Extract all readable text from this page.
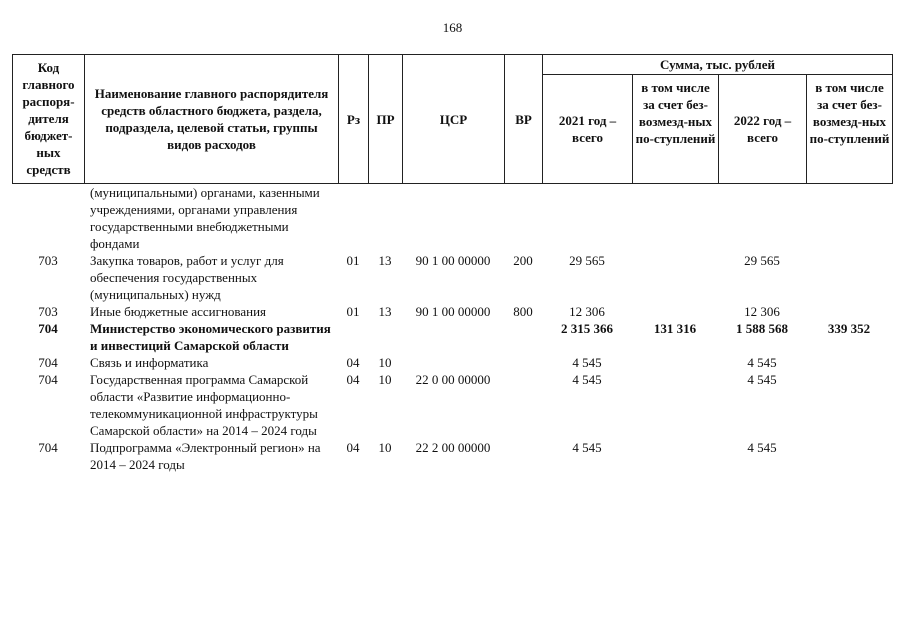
168
Код главного распоря-дителя бюджет-ных средств	Наименование главного распорядителя средств областного бюджета, раздела, подраздела, целевой статьи, группы видов расходов	Рз	ПР	ЦСР	ВР	Сумма, тыс. рублей			
						2021 год – всего	в том числе за счет без-возмезд-ных по-ступлений	2022 год – всего	в том числе за счет без-возмезд-ных по-ступлений
	(муниципальными) органами, казенными учреждениями, органами управления государственными внебюджетными фондами								
703	Закупка товаров, работ и услуг для обеспечения государственных (муниципальных) нужд	01	13	90 1 00 00000	200	29 565		29 565	
703	Иные бюджетные ассигнования	01	13	90 1 00 00000	800	12 306		12 306	
704	Министерство экономического развития и инвестиций Самарской области					2 315 366	131 316	1 588 568	339 352
704	Связь и информатика	04	10			4 545		4 545	
704	Государственная программа Самарской области «Развитие информационно-телекоммуникационной инфраструктуры Самарской области» на 2014 – 2024 годы	04	10	22 0 00 00000		4 545		4 545	
704	Подпрограмма «Электронный регион» на 2014 – 2024 годы	04	10	22 2 00 00000		4 545		4 545	
